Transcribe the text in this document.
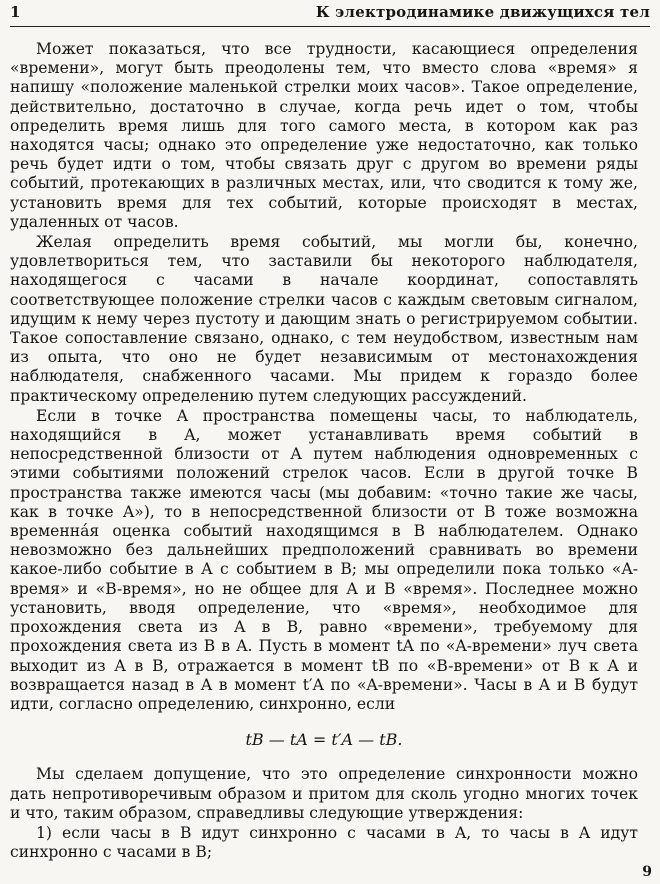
1	К электродинамике движущихся тел

Может показаться, что все трудности, касающиеся определения «времени», могут быть преодолены тем, что вместо слова «время» я напишу «положение маленькой стрелки моих часов». Такое определение, действительно, достаточно в случае, когда речь идет о том, чтобы определить время лишь для того самого места, в котором как раз находятся часы; однако это определение уже недостаточно, как только речь будет идти о том, чтобы связать друг с другом во времени ряды событий, протекающих в различных местах, или, что сводится к тому же, установить время для тех событий, которые происходят в местах, удаленных от часов.

Желая определить время событий, мы могли бы, конечно, удовлетвориться тем, что заставили бы некоторого наблюдателя, находящегося с часами в начале координат, сопоставлять соответствующее положение стрелки часов с каждым световым сигналом, идущим к нему через пустоту и дающим знать о регистрируемом событии. Такое сопоставление связано, однако, с тем неудобством, известным нам из опыта, что оно не будет независимым от местонахождения наблюдателя, снабженного часами. Мы придем к гораздо более практическому определению путем следующих рассуждений.

Если в точке A пространства помещены часы, то наблюдатель, находящийся в A, может устанавливать время событий в непосредственной близости от A путем наблюдения одновременных с этими событиями положений стрелок часов. Если в другой точке B пространства также имеются часы (мы добавим: «точно такие же часы, как в точке A»), то в непосредственной близости от B тоже возможна временна́я оценка событий находящимся в B наблюдателем. Однако невозможно без дальнейших предположений сравнивать во времени какое-либо событие в A с событием в B; мы определили пока только «A-время» и «B-время», но не общее для A и B «время». Последнее можно установить, вводя определение, что «время», необходимое для прохождения света из A в B, равно «времени», требуемому для прохождения света из B в A. Пусть в момент tA по «A-времени» луч света выходит из A в B, отражается в момент tB по «B-времени» от B к A и возвращается назад в A в момент t′A по «A-времени». Часы в A и B будут идти, согласно определению, синхронно, если

tB — tA = t′A — tB.

Мы сделаем допущение, что это определение синхронности можно дать непротиворечивым образом и притом для сколь угодно многих точек и что, таким образом, справедливы следующие утверждения:

1) если часы в B идут синхронно с часами в A, то часы в A идут синхронно с часами в B;

9
